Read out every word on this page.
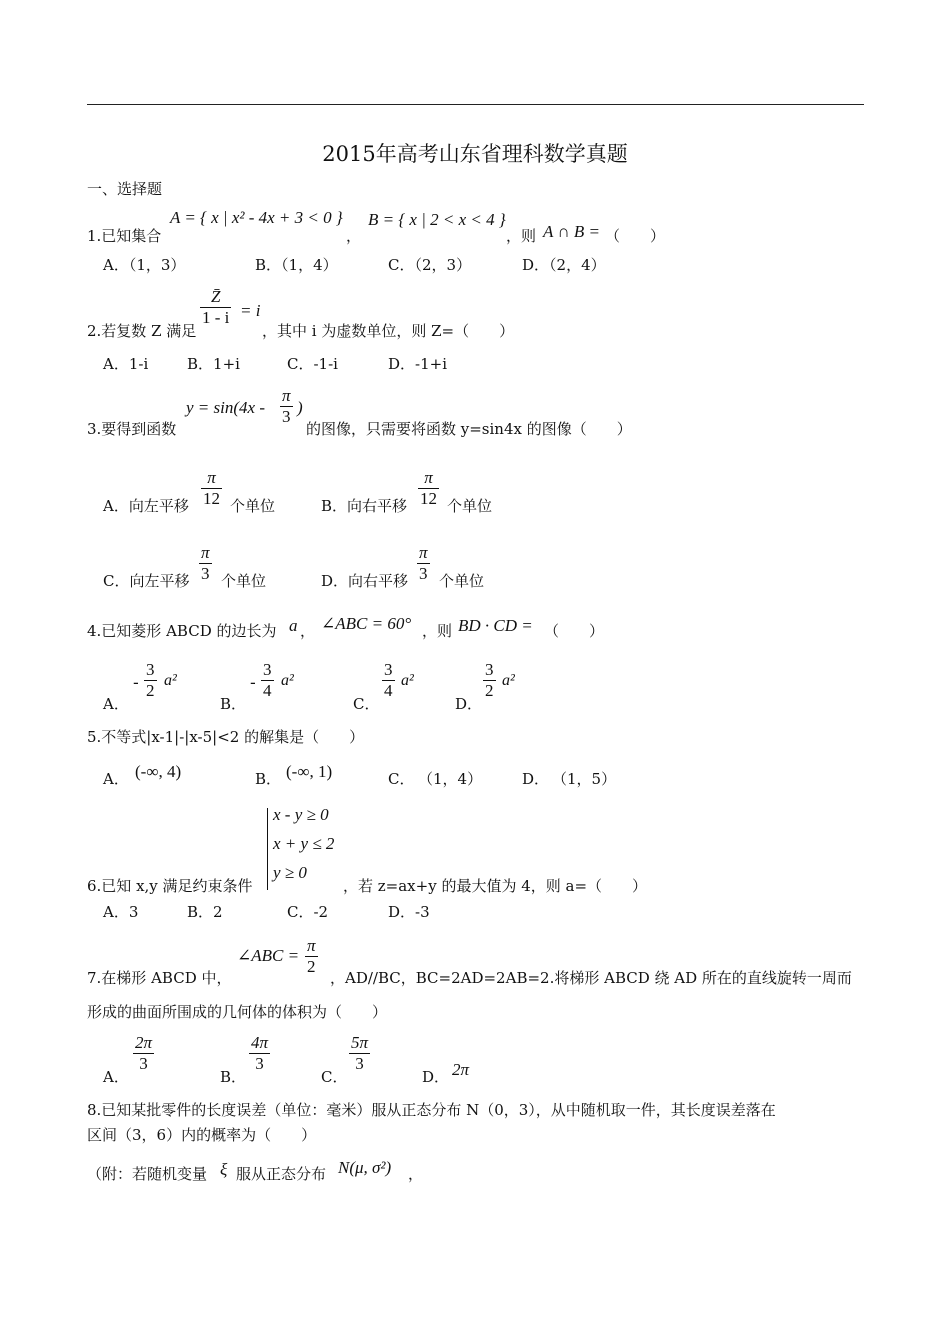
2015年高考山东省理科数学真题
一、选择题
1.已知集合
A = { x | x² - 4x + 3 < 0 }
，
B = { x | 2 < x < 4 }
，则 A ∩ B = （　　）
A．（1，3）	B．（1，4）	C．（2，3）	D．（2，4）
2.若复数 Z 满足
$\frac{Z̄}{1 - i} = i$
，其中 i 为虚数单位，则 Z=（　　）
A．1-i	B．1+i	C．-1-i	D．-1+i
3.要得到函数
$y = \sin(4x - \frac{\pi}{3}$ )
的图像，只需要将函数 y=sin4x 的图像（　　）
A．向左平移 $\frac{\pi}{12}$ 个单位	B．向右平移 $\frac{\pi}{12}$ 个单位
C．向左平移 $\frac{\pi}{3}$ 个单位	D．向右平移 $\frac{\pi}{3}$ 个单位
4.已知菱形 ABCD 的边长为 a ， ∠ABC = 60° ，则 BD · CD = （　　）
A．
- $\frac{3}{2} a^2$
B．
- $\frac{3}{4} a^2$
C．
$\frac{3}{4} a^2$
D．
$\frac{3}{2} a^2$
5.不等式|x-1|-|x-5|<2 的解集是（　　）
A． (-∞, 4)	B． (-∞, 1)	C． （1，4）	D． （1，5）
6.已知 x,y 满足约束条件
x - y ≥ 0
x + y ≤ 2
y ≥ 0
，若 z=ax+y 的最大值为 4，则 a=（　　）
A．3	B．2	C．-2	D．-3
7.在梯形 ABCD 中，
∠ABC = $\frac{\pi}{2}$
，AD//BC，BC=2AD=2AB=2.将梯形 ABCD 绕 AD 所在的直线旋转一周而
形成的曲面所围成的几何体的体积为（　　）
A．
$\frac{2\pi}{3}$
B．
$\frac{4\pi}{3}$
C．
$\frac{5\pi}{3}$
D． 2π
8.已知某批零件的长度误差（单位：毫米）服从正态分布 N（0，3），从中随机取一件，其长度误差落在
区间（3，6）内的概率为（　　）
（附：若随机变量 ξ 服从正态分布 N(μ, σ²) ，
